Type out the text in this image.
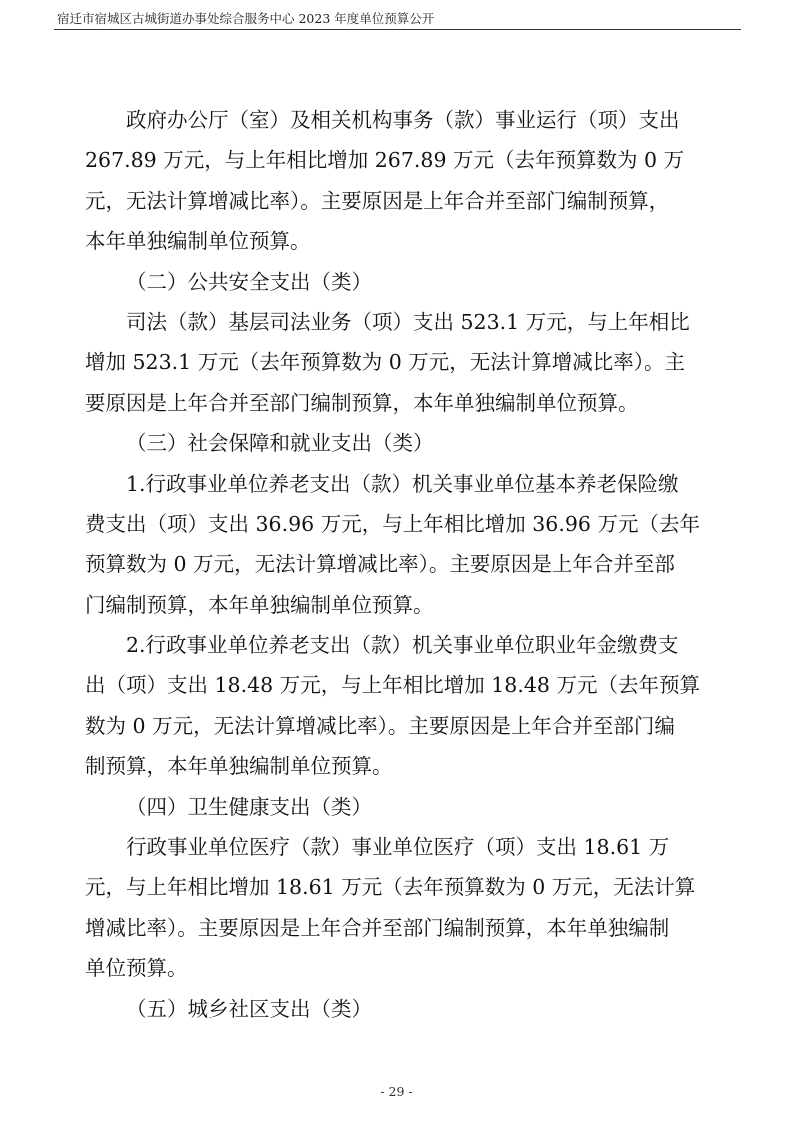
宿迁市宿城区古城街道办事处综合服务中心 2023 年度单位预算公开
政府办公厅（室）及相关机构事务（款）事业运行（项）支出
267.89 万元，与上年相比增加 267.89 万元（去年预算数为 0 万
元，无法计算增减比率）。主要原因是上年合并至部门编制预算，
本年单独编制单位预算。
（二）公共安全支出（类）
司法（款）基层司法业务（项）支出 523.1 万元，与上年相比
增加 523.1 万元（去年预算数为 0 万元，无法计算增减比率）。主
要原因是上年合并至部门编制预算，本年单独编制单位预算。
（三）社会保障和就业支出（类）
1.行政事业单位养老支出（款）机关事业单位基本养老保险缴
费支出（项）支出 36.96 万元，与上年相比增加 36.96 万元（去年
预算数为 0 万元，无法计算增减比率）。主要原因是上年合并至部
门编制预算，本年单独编制单位预算。
2.行政事业单位养老支出（款）机关事业单位职业年金缴费支
出（项）支出 18.48 万元，与上年相比增加 18.48 万元（去年预算
数为 0 万元，无法计算增减比率）。主要原因是上年合并至部门编
制预算，本年单独编制单位预算。
（四）卫生健康支出（类）
行政事业单位医疗（款）事业单位医疗（项）支出 18.61 万
元，与上年相比增加 18.61 万元（去年预算数为 0 万元，无法计算
增减比率）。主要原因是上年合并至部门编制预算，本年单独编制
单位预算。
（五）城乡社区支出（类）
- 29 -
